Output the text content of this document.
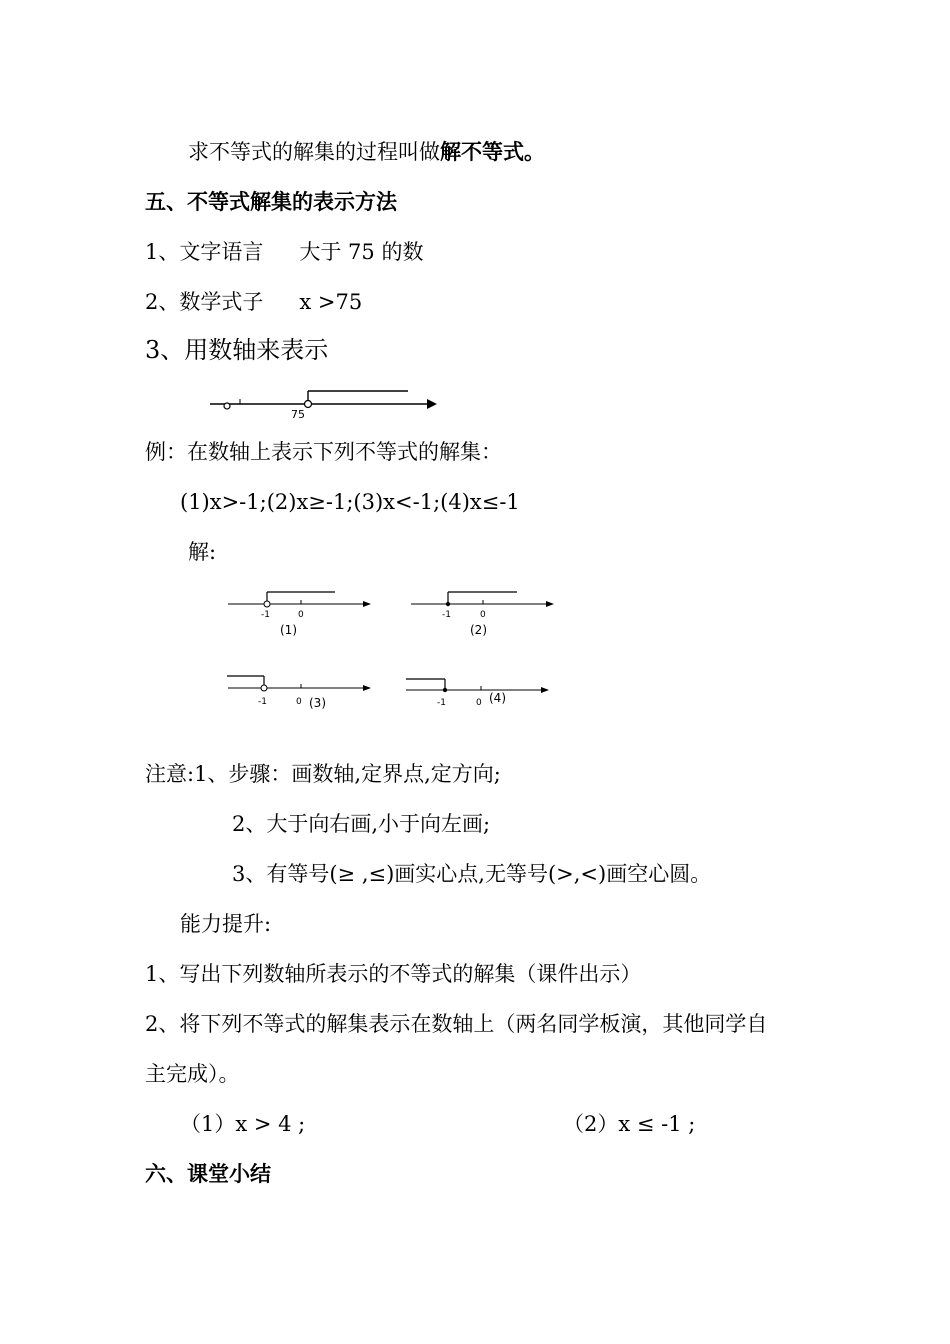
求不等式的解集的过程叫做解不等式。
五、不等式解集的表示方法
1、文字语言 大于 75 的数
2、数学式子 x >75
3、用数轴来表示
75
例：在数轴上表示下列不等式的解集：
(1)x>-1;(2)x≥-1;(3)x<-1;(4)x≤-1
解:
-1	0
(1)
-1	0
(2)
-1	0 (3)	-1	0 (4)
注意:1、步骤：画数轴,定界点,定方向;
2、大于向右画,小于向左画;
3、有等号(≥ ,≤)画实心点,无等号(>,<)画空心圆。
能力提升:
1、写出下列数轴所表示的不等式的解集（课件出示）
2、将下列不等式的解集表示在数轴上（两名同学板演，其他同学自
主完成）。
（1）x > 4 ;	（2）x ≤ -1 ;
六、课堂小结
